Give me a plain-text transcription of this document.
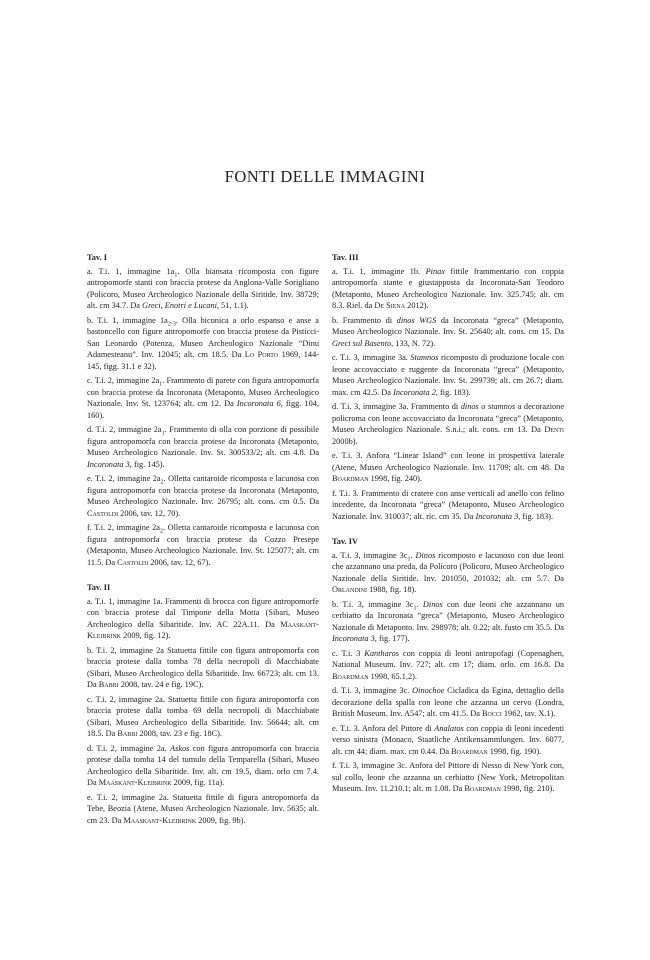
FONTI DELLE IMMAGINI
Tav. I

a. T.i. 1, immagine $1a_1$. Olla biansata ricomposta con figure antropomorfe stanti con braccia protese da Anglona-Valle Sorigliano (Policoro, Museo Archeologico Nazionale della Siritide. Inv. 38729; alt. cm 34.7. Da Greci, Enotri e Lucani, 51, 1.1).

b. T.i. 1, immagine $1a_{2-3}$. Olla biconica a orlo espanso e anse a bastoncello con figure antropomorfe con braccia protese da Pisticci-San Leonardo (Potenza, Museo Archeologico Nazionale “Dinu Adamesteanu”. Inv. 12045; alt. cm 18.5. Da Lo Porto 1969, 144-145, figg. 31.1 e 32).

c. T.i. 2, immagine $2a_1$. Frammento di parete con figura antropomorfa con braccia protese da Incoronata (Metaponto, Museo Archeologico Nazionale. Inv. St. 123764; alt. cm 12. Da Incoronata 6, figg. 104, 160).

d. T.i. 2, immagine $2a_1$. Frammento di olla con porzione di possibile figura antropomorfa con braccia protese da Incoronata (Metaponto, Museo Archeologico Nazionale. Inv. St. 300533/2; alt. cm 4.8. Da Incoronata 3, fig. 145).

e. T.i. 2, immagine $2a_2$. Olletta cantaroide ricomposta e lacunosa con figura antropomorfa con braccia protese da Incoronata (Metaponto, Museo Archeologico Nazionale. Inv. 26795; alt. cons. cm 0.5. Da Castoldi 2006, tav. 12, 70).

f. T.i. 2, immagine $2a_2$. Olletta cantaroide ricomposta e lacunosa con figura antropomorfa con braccia protese da Cozzo Presepe (Metaponto, Museo Archeologico Nazionale. Inv. St. 125077; alt. cm 11.5. Da Castoldi 2006, tav. 12, 67).

Tav. II

a. T.i. 1, immagine 1a. Frammenti di brocca con figure antropomorfe con braccia protese dal Timpone della Motta (Sibari, Museo Archeologico della Sibaritide. Inv. AC 22A.11. Da Maaskant-Kleibrink 2009, fig. 12).

b. T.i. 2, immagine 2a Statuetta fittile con figura antropomorfa con braccia protese dalla tomba 78 della necropoli di Macchiabate (Sibari, Museo Archeologico della Sibaritide. Inv. 66723; alt. cm 13. Da Babbi 2008, tav. 24 e fig. 19C).

c. T.i. 2, immagine 2a. Statuetta fittile con figura antropomorfa con braccia protese dalla tomba 69 della necropoli di Macchiabate (Sibari, Museo Archeologico della Sibaritide. Inv. 56644; alt. cm 18.5. Da Babbi 2008, tav. 23 e fig. 18C).

d. T.i. 2, immagine 2a. Askos con figura antropomorfa con braccia protese dalla tomba 14 del tumulo della Temparella (Sibari, Museo Archeologico della Sibaritide. Inv. alt. cm 19.5, diam. orlo cm 7.4. Da Maaskant-Kleibrink 2009, fig. 11a).

e. T.i. 2, immagine 2a. Statuetta fittile di figura antropomorfa da Tebe, Beozia (Atene, Museo Archeologico Nazionale. Inv. 5635; alt. cm 23. Da Maaskant-Kleibrink 2009, fig. 9b).

Tav. III

a. T.i. 1, immagine 1b. Pinax fittile frammentario con coppia antropomorfa stante e giustapposta da Incoronata-San Teodoro (Metaponto, Museo Archeologico Nazionale. Inv. 325.745; alt. cm 8.3. Riel. da De Siena 2012).

b. Frammento di dinos WGS da Incoronata “greca” (Metaponto, Museo Archeologico Nazionale. Inv. St. 25640; alt. cons. cm 15. Da Greci sul Basento, 133, N. 72).

c. T.i. 3, immagine 3a. Stamnos ricomposto di produzione locale con leone accovacciato e ruggente da Incoronata “greca” (Metaponto, Museo Archeologico Nazionale. Inv. St. 299739; alt. cm 26.7; diam. max. cm 42.5. Da Incoronata 2, fig. 183).

d. T.i. 3, immagine 3a. Frammento di dinos o stamnos a decorazione policroma con leone accovacciato da Incoronata “greca” (Metaponto, Museo Archeologico Nazionale. S.n.i.; alt. cons. cm 13. Da Denti 2000b).

e. T.i. 3. Anfora “Linear Island” con leone in prospettiva laterale (Atene, Museo Archeologico Nazionale. Inv. 11709; alt. cm 48. Da Boardman 1998, fig. 240).

f. T.i. 3. Frammento di cratere con anse verticali ad anello con felino incedente, da Incoronata “greca” (Metaponto, Museo Archeologico Nazionale. Inv. 310037; alt. ric. cm 35. Da Incoronata 3, fig. 183).

Tav. IV

a. T.i. 3, immagine $3c_1$. Dinos ricomposto e lacunoso con due leoni che azzannano una preda, da Policoro (Policoro, Museo Archeologico Nazionale della Siritide. Inv. 201050, 201032; alt. cm 5.7. Da Orlandini 1988, fig. 18).

b. T.i. 3, immagine $3c_1$. Dinos con due leoni che azzannano un cerbiatto da Incoronata “greca” (Metaponto, Museo Archeologico Nazionale di Metaponto. Inv. 298978; alt. 0.22; alt. fusto cm 35.5. Da Incoronata 3, fig. 177).

c. T.i. 3 Kantharos con coppia di leoni antropofagi (Copenaghen, National Museum. Inv. 727; alt. cm 17; diam. orlo. cm 16.8. Da Boardman 1998, 65.1,2).

d. T.i. 3, immagine 3c. Oinochoe Cicladica da Egina, dettaglio della decorazione della spalla con leone che azzanna un cervo (Londra, British Museum. Inv. A547; alt. cm 41.5. Da Bocci 1962, tav. X.1).

e. T.i. 3. Anfora del Pittore di Analatos con coppia di leoni incedenti verso sinistra (Monaco, Staatliche Antikensammlungen. Inv. 6077, alt. cm 44; diam. max. cm 0.44. Da Boardman 1998, fig. 190).

f. T.i. 3, immagine 3c. Anfora del Pittore di Nesso di New York con, sul collo, leone che azzanna un cerbiatto (New York, Metropolitan Museum. Inv. 11.210.1; alt. m 1.08. Da Boardman 1998, fig. 210).
